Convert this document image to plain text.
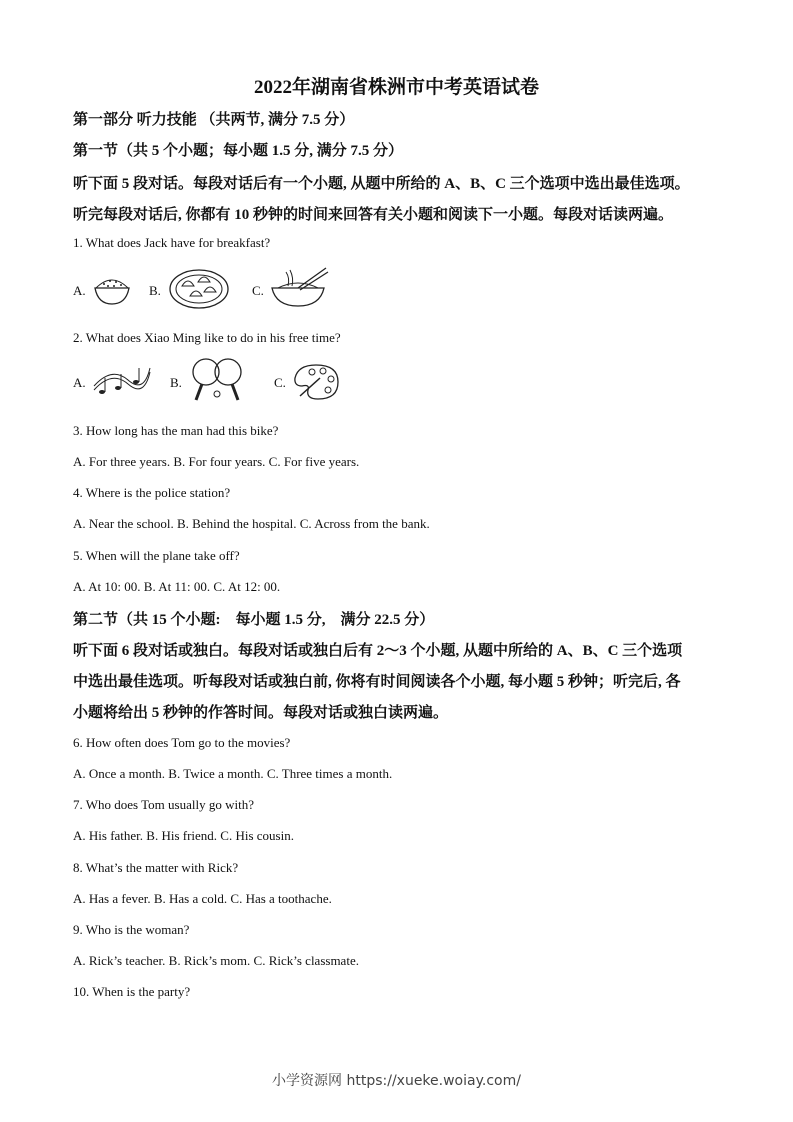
2022年湖南省株洲市中考英语试卷
第一部分 听力技能 （共两节, 满分 7.5 分）
第一节（共 5 个小题；每小题 1.5 分, 满分 7.5 分）
听下面 5 段对话。每段对话后有一个小题, 从题中所给的 A、B、C 三个选项中选出最佳选项。
听完每段对话后, 你都有 10 秒钟的时间来回答有关小题和阅读下一小题。每段对话读两遍。
1. What does Jack have for breakfast?
A.	B.	C.
2. What does Xiao Ming like to do in his free time?
A.	B.	C.
3. How long has the man had this bike?
A. For three years. B. For four years. C. For five years.
4. Where is the police station?
A. Near the school. B. Behind the hospital. C. Across from the bank.
5. When will the plane take off?
A. At 10: 00. B. At 11: 00. C. At 12: 00.
第二节（共 15 个小题:　每小题 1.5 分,　满分 22.5 分）
听下面 6 段对话或独白。每段对话或独白后有 2～3 个小题, 从题中所给的 A、B、C 三个选项
中选出最佳选项。听每段对话或独白前, 你将有时间阅读各个小题, 每小题 5 秒钟；听完后, 各
小题将给出 5 秒钟的作答时间。每段对话或独白读两遍。
6. How often does Tom go to the movies?
A. Once a month. B. Twice a month. C. Three times a month.
7. Who does Tom usually go with?
A. His father. B. His friend. C. His cousin.
8. What’s the matter with Rick?
A. Has a fever. B. Has a cold. C. Has a toothache.
9. Who is the woman?
A. Rick’s teacher. B. Rick’s mom. C. Rick’s classmate.
10. When is the party?
小学资源网 https://xueke.woiay.com/
